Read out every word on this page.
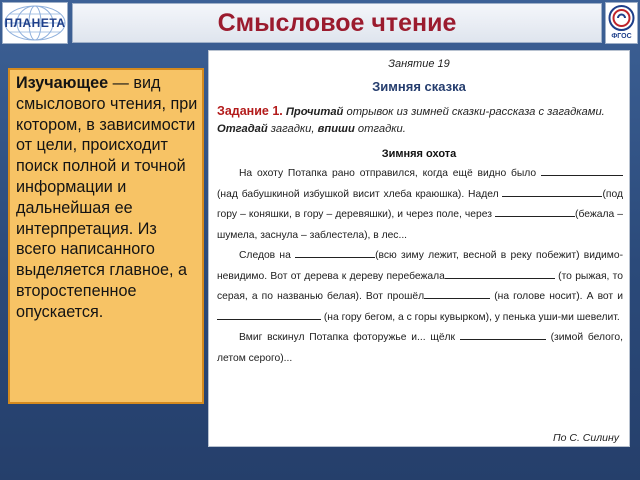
ПЛАНЕТА	Смысловое чтение	ФГОС
Изучающее — вид смыслового чтения, при котором, в зависимости от цели, происходит поиск полной и точной информации и дальнейшая ее интерпретация. Из всего написанного выделяется главное, а второстепенное опускается.
Занятие 19
Зимняя сказка
Задание 1. Прочитай отрывок из зимней сказки-рассказа с загадками. Отгадай загадки, впиши отгадки.
Зимняя охота

На охоту Потапка рано отправился, когда ещё видно было  (над бабушкиной избушкой висит хлеба краюшка). Надел	(под гору – коняшки, в гору – деревяшки), и через поле, через	(бежала – шумела, заснула – заблестела), в лес...

Следов на	(всю зиму лежит, весной в реку побежит) видимо-невидимо. Вот от дерева к дереву перебежала	(то рыжая, то серая, а по названью белая). Вот прошёл	(на голове носит). А вот и  (на гору бегом, а с горы кувырком), у пенька уши-ми шевелит.

Вмиг вскинул Потапка фоторужье и... щёлк	(зимой белого, летом серого)...

По С. Силину
